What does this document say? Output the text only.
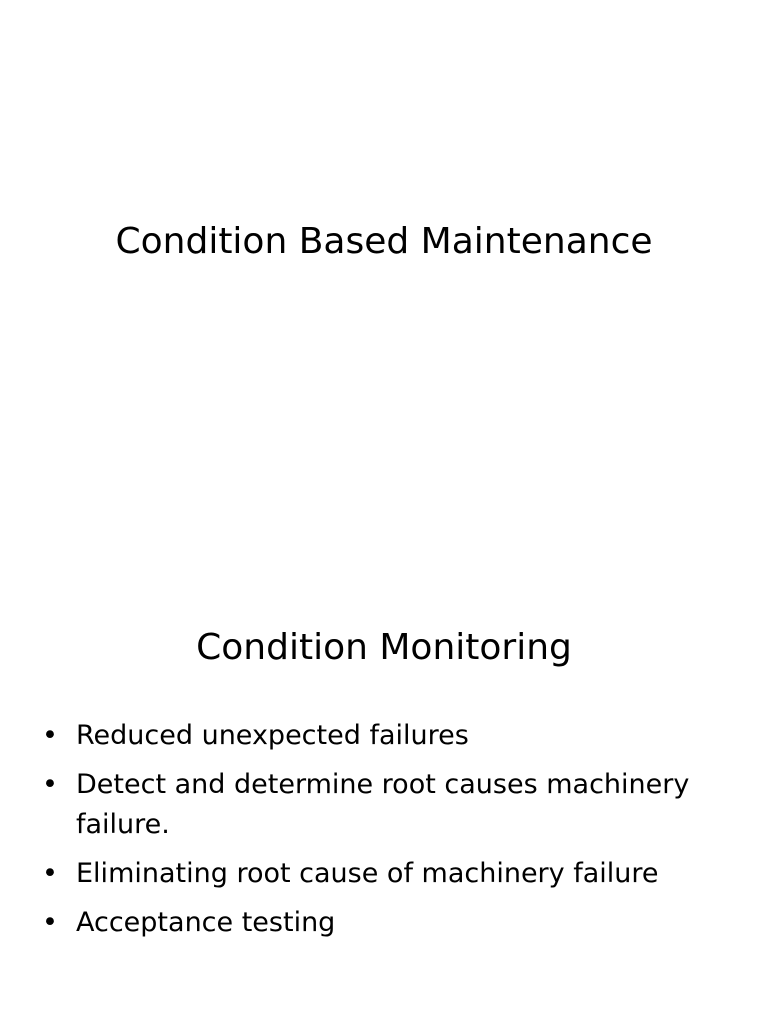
Condition Based Maintenance
Condition Monitoring
• Reduced unexpected failures
• Detect and determine root causes machinery failure.
• Eliminating root cause of machinery failure
• Acceptance testing
